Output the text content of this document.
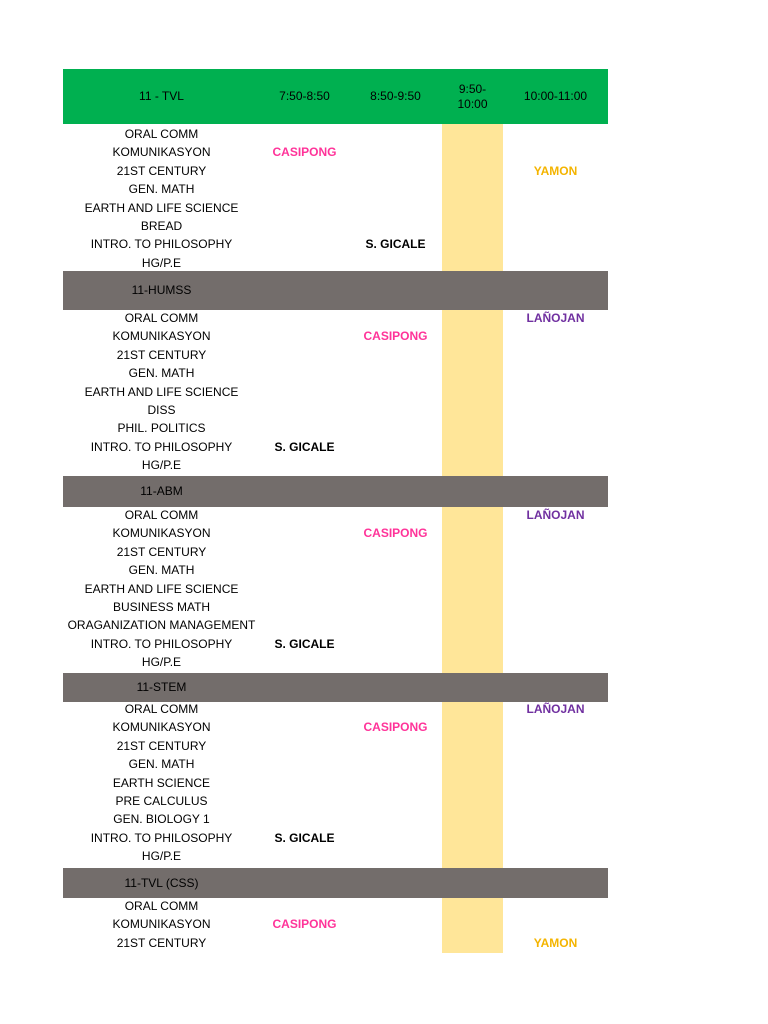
11 - TVL	7:50-8:50	8:50-9:50
9:50-
10:00
10:00-11:00
11-HUMSS
11-ABM
11-STEM
11-TVL (CSS)
ORAL COMM
KOMUNIKASYON
21ST CENTURY
GEN. MATH
EARTH AND LIFE SCIENCE
BREAD
INTRO. TO PHILOSOPHY
HG/P.E
CASIPONG
YAMON
S. GICALE
ORAL COMM
KOMUNIKASYON
21ST CENTURY
GEN. MATH
EARTH AND LIFE SCIENCE
DISS
PHIL. POLITICS
INTRO. TO PHILOSOPHY
HG/P.E
LAÑOJAN
CASIPONG
S. GICALE
ORAL COMM
KOMUNIKASYON
21ST CENTURY
GEN. MATH
EARTH AND LIFE SCIENCE
BUSINESS MATH
ORAGANIZATION MANAGEMENT
INTRO. TO PHILOSOPHY
HG/P.E
LAÑOJAN
CASIPONG
S. GICALE
ORAL COMM
KOMUNIKASYON
21ST CENTURY
GEN. MATH
EARTH SCIENCE
PRE CALCULUS
GEN. BIOLOGY 1
INTRO. TO PHILOSOPHY
HG/P.E
LAÑOJAN
CASIPONG
S. GICALE
ORAL COMM
KOMUNIKASYON
21ST CENTURY
CASIPONG
YAMON
